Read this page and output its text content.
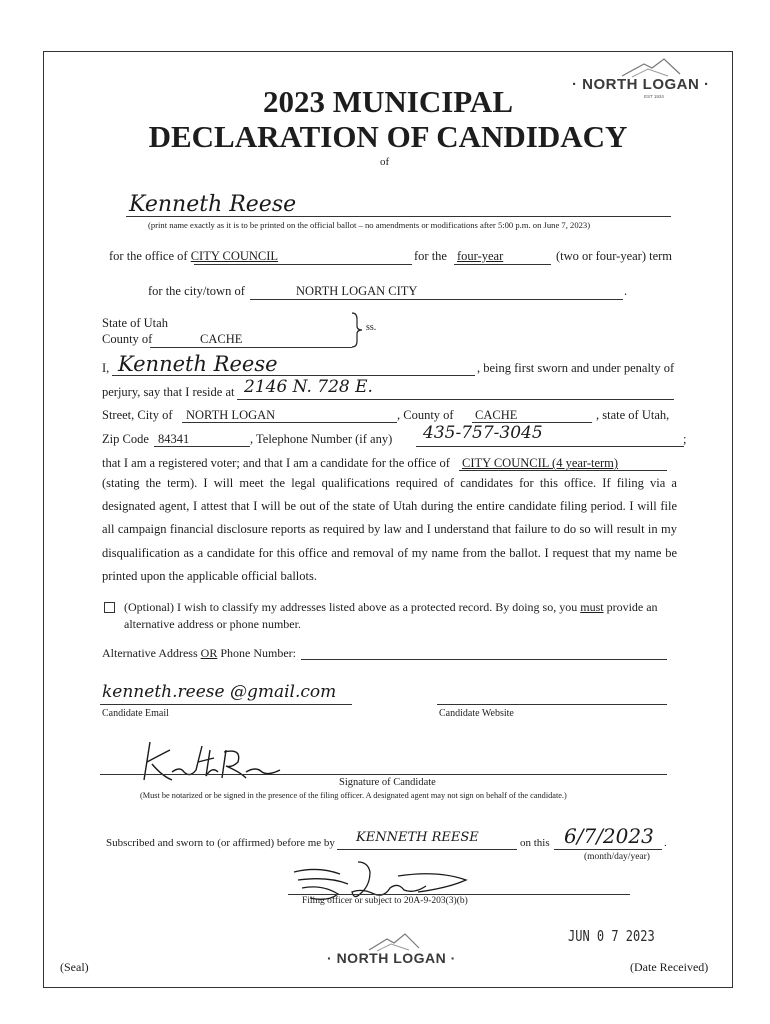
· NORTH LOGAN ·
EST 1934
2023 MUNICIPAL
DECLARATION OF CANDIDACY
of
Kenneth Reese
(print name exactly as it is to be printed on the official ballot – no amendments or modifications after 5:00 p.m. on June 7, 2023)
for the office of CITY COUNCIL	for the four-year	(two or four-year) term
for the city/town of	NORTH LOGAN CITY	.
State of Utah
County of	CACHE
ss.
I, Kenneth Reese	, being first sworn and under penalty of
perjury, say that I reside at 2146 N. 728 E.
Street, City of NORTH LOGAN	, County of CACHE	, state of Utah,
Zip Code 84341	, Telephone Number (if any) 435-757-3045	;
that I am a registered voter; and that I am a candidate for the office of CITY COUNCIL (4 year-term)
(stating the term). I will meet the legal qualifications required of candidates for this office. If filing via a designated agent, I attest that I will be out of the state of Utah during the entire candidate filing period. I will file all campaign financial disclosure reports as required by law and I understand that failure to do so will result in my disqualification as a candidate for this office and removal of my name from the ballot. I request that my name be printed upon the applicable official ballots.
(Optional) I wish to classify my addresses listed above as a protected record. By doing so, you must provide an
alternative address or phone number.
Alternative Address OR Phone Number:
kenneth.reese @gmail.com
Candidate Email	Candidate Website
Signature of Candidate
(Must be notarized or be signed in the presence of the filing officer. A designated agent may not sign on behalf of the candidate.)
Subscribed and sworn to (or affirmed) before me by KENNETH REESE	on this 6/7/2023 .
(month/day/year)
Filing officer or subject to 20A-9-203(3)(b)
JUN 0 7 2023
· NORTH LOGAN ·
(Seal)	(Date Received)
